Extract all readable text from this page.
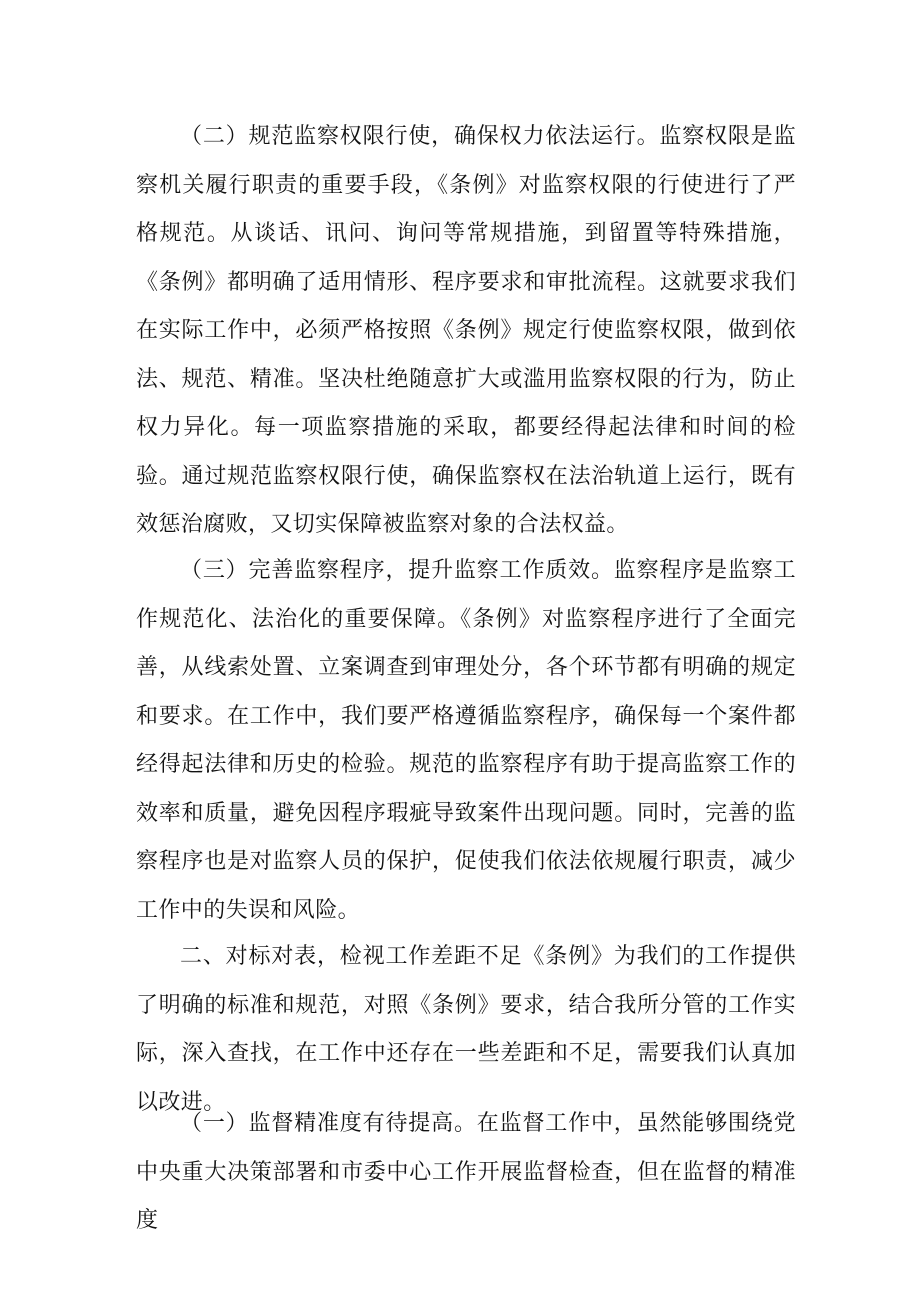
（二）规范监察权限行使，确保权力依法运行。监察权限是监察机关履行职责的重要手段，《条例》对监察权限的行使进行了严格规范。从谈话、讯问、询问等常规措施，到留置等特殊措施，《条例》都明确了适用情形、程序要求和审批流程。这就要求我们在实际工作中，必须严格按照《条例》规定行使监察权限，做到依法、规范、精准。坚决杜绝随意扩大或滥用监察权限的行为，防止权力异化。每一项监察措施的采取，都要经得起法律和时间的检验。通过规范监察权限行使，确保监察权在法治轨道上运行，既有效惩治腐败，又切实保障被监察对象的合法权益。

（三）完善监察程序，提升监察工作质效。监察程序是监察工作规范化、法治化的重要保障。《条例》对监察程序进行了全面完善，从线索处置、立案调查到审理处分，各个环节都有明确的规定和要求。在工作中，我们要严格遵循监察程序，确保每一个案件都经得起法律和历史的检验。规范的监察程序有助于提高监察工作的效率和质量，避免因程序瑕疵导致案件出现问题。同时，完善的监察程序也是对监察人员的保护，促使我们依法依规履行职责，减少工作中的失误和风险。

二、对标对表，检视工作差距不足《条例》为我们的工作提供了明确的标准和规范，对照《条例》要求，结合我所分管的工作实际，深入查找，在工作中还存在一些差距和不足，需要我们认真加以改进。

（一）监督精准度有待提高。在监督工作中，虽然能够围绕党中央重大决策部署和市委中心工作开展监督检查，但在监督的精准度
